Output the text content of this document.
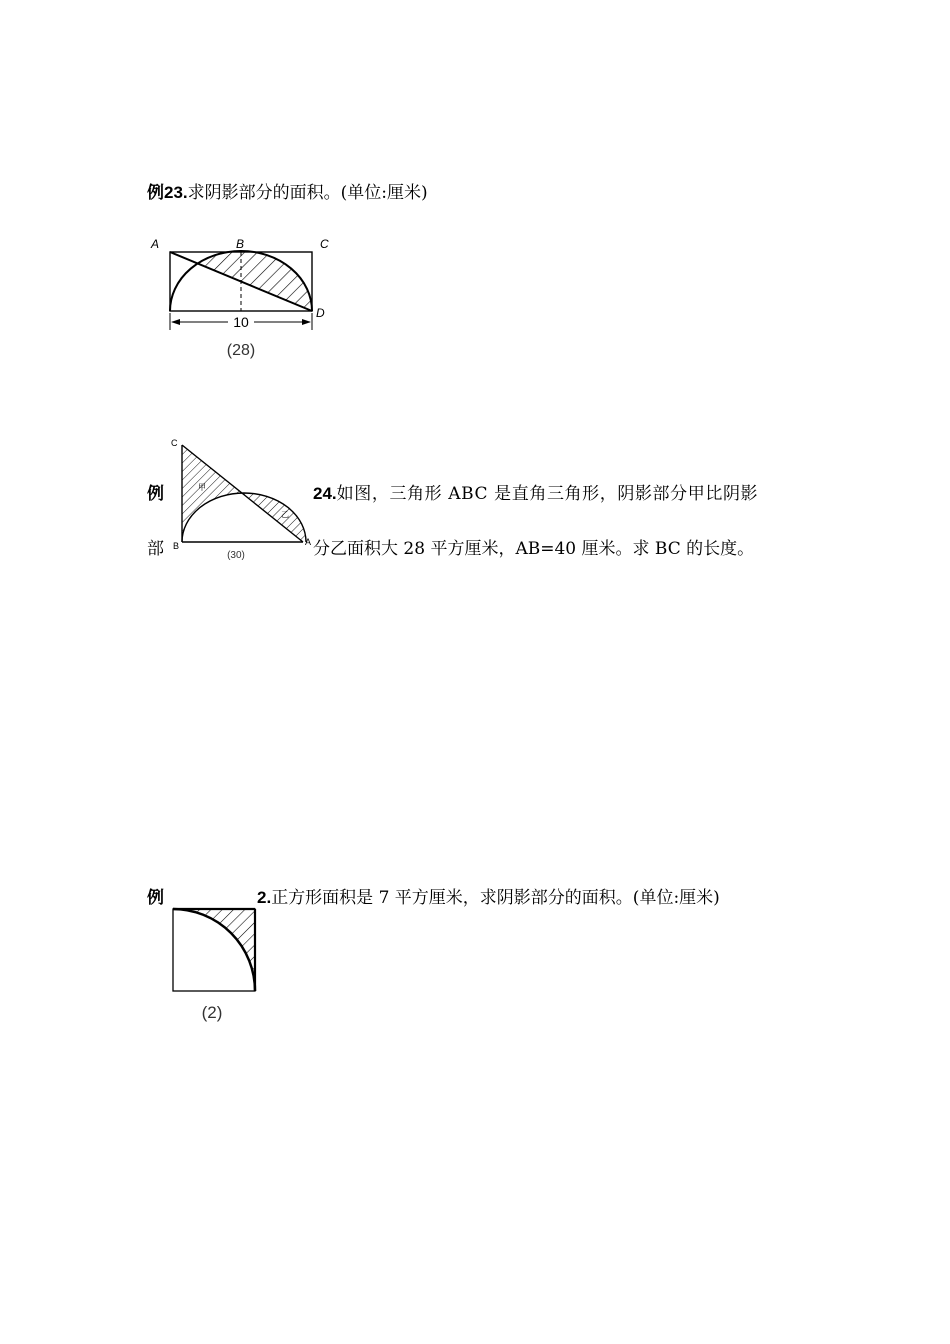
例23.求阴影部分的面积。(单位:厘米)
A	B	C
D
10
(28)
C
B	A
甲
乙
(30)
例	24.如图，三角形 ABC 是直角三角形，阴影部分甲比阴影
部	分乙面积大 28 平方厘米，AB=40 厘米。求 BC 的长度。
例	2.正方形面积是 7 平方厘米，求阴影部分的面积。(单位:厘米)
(2)
